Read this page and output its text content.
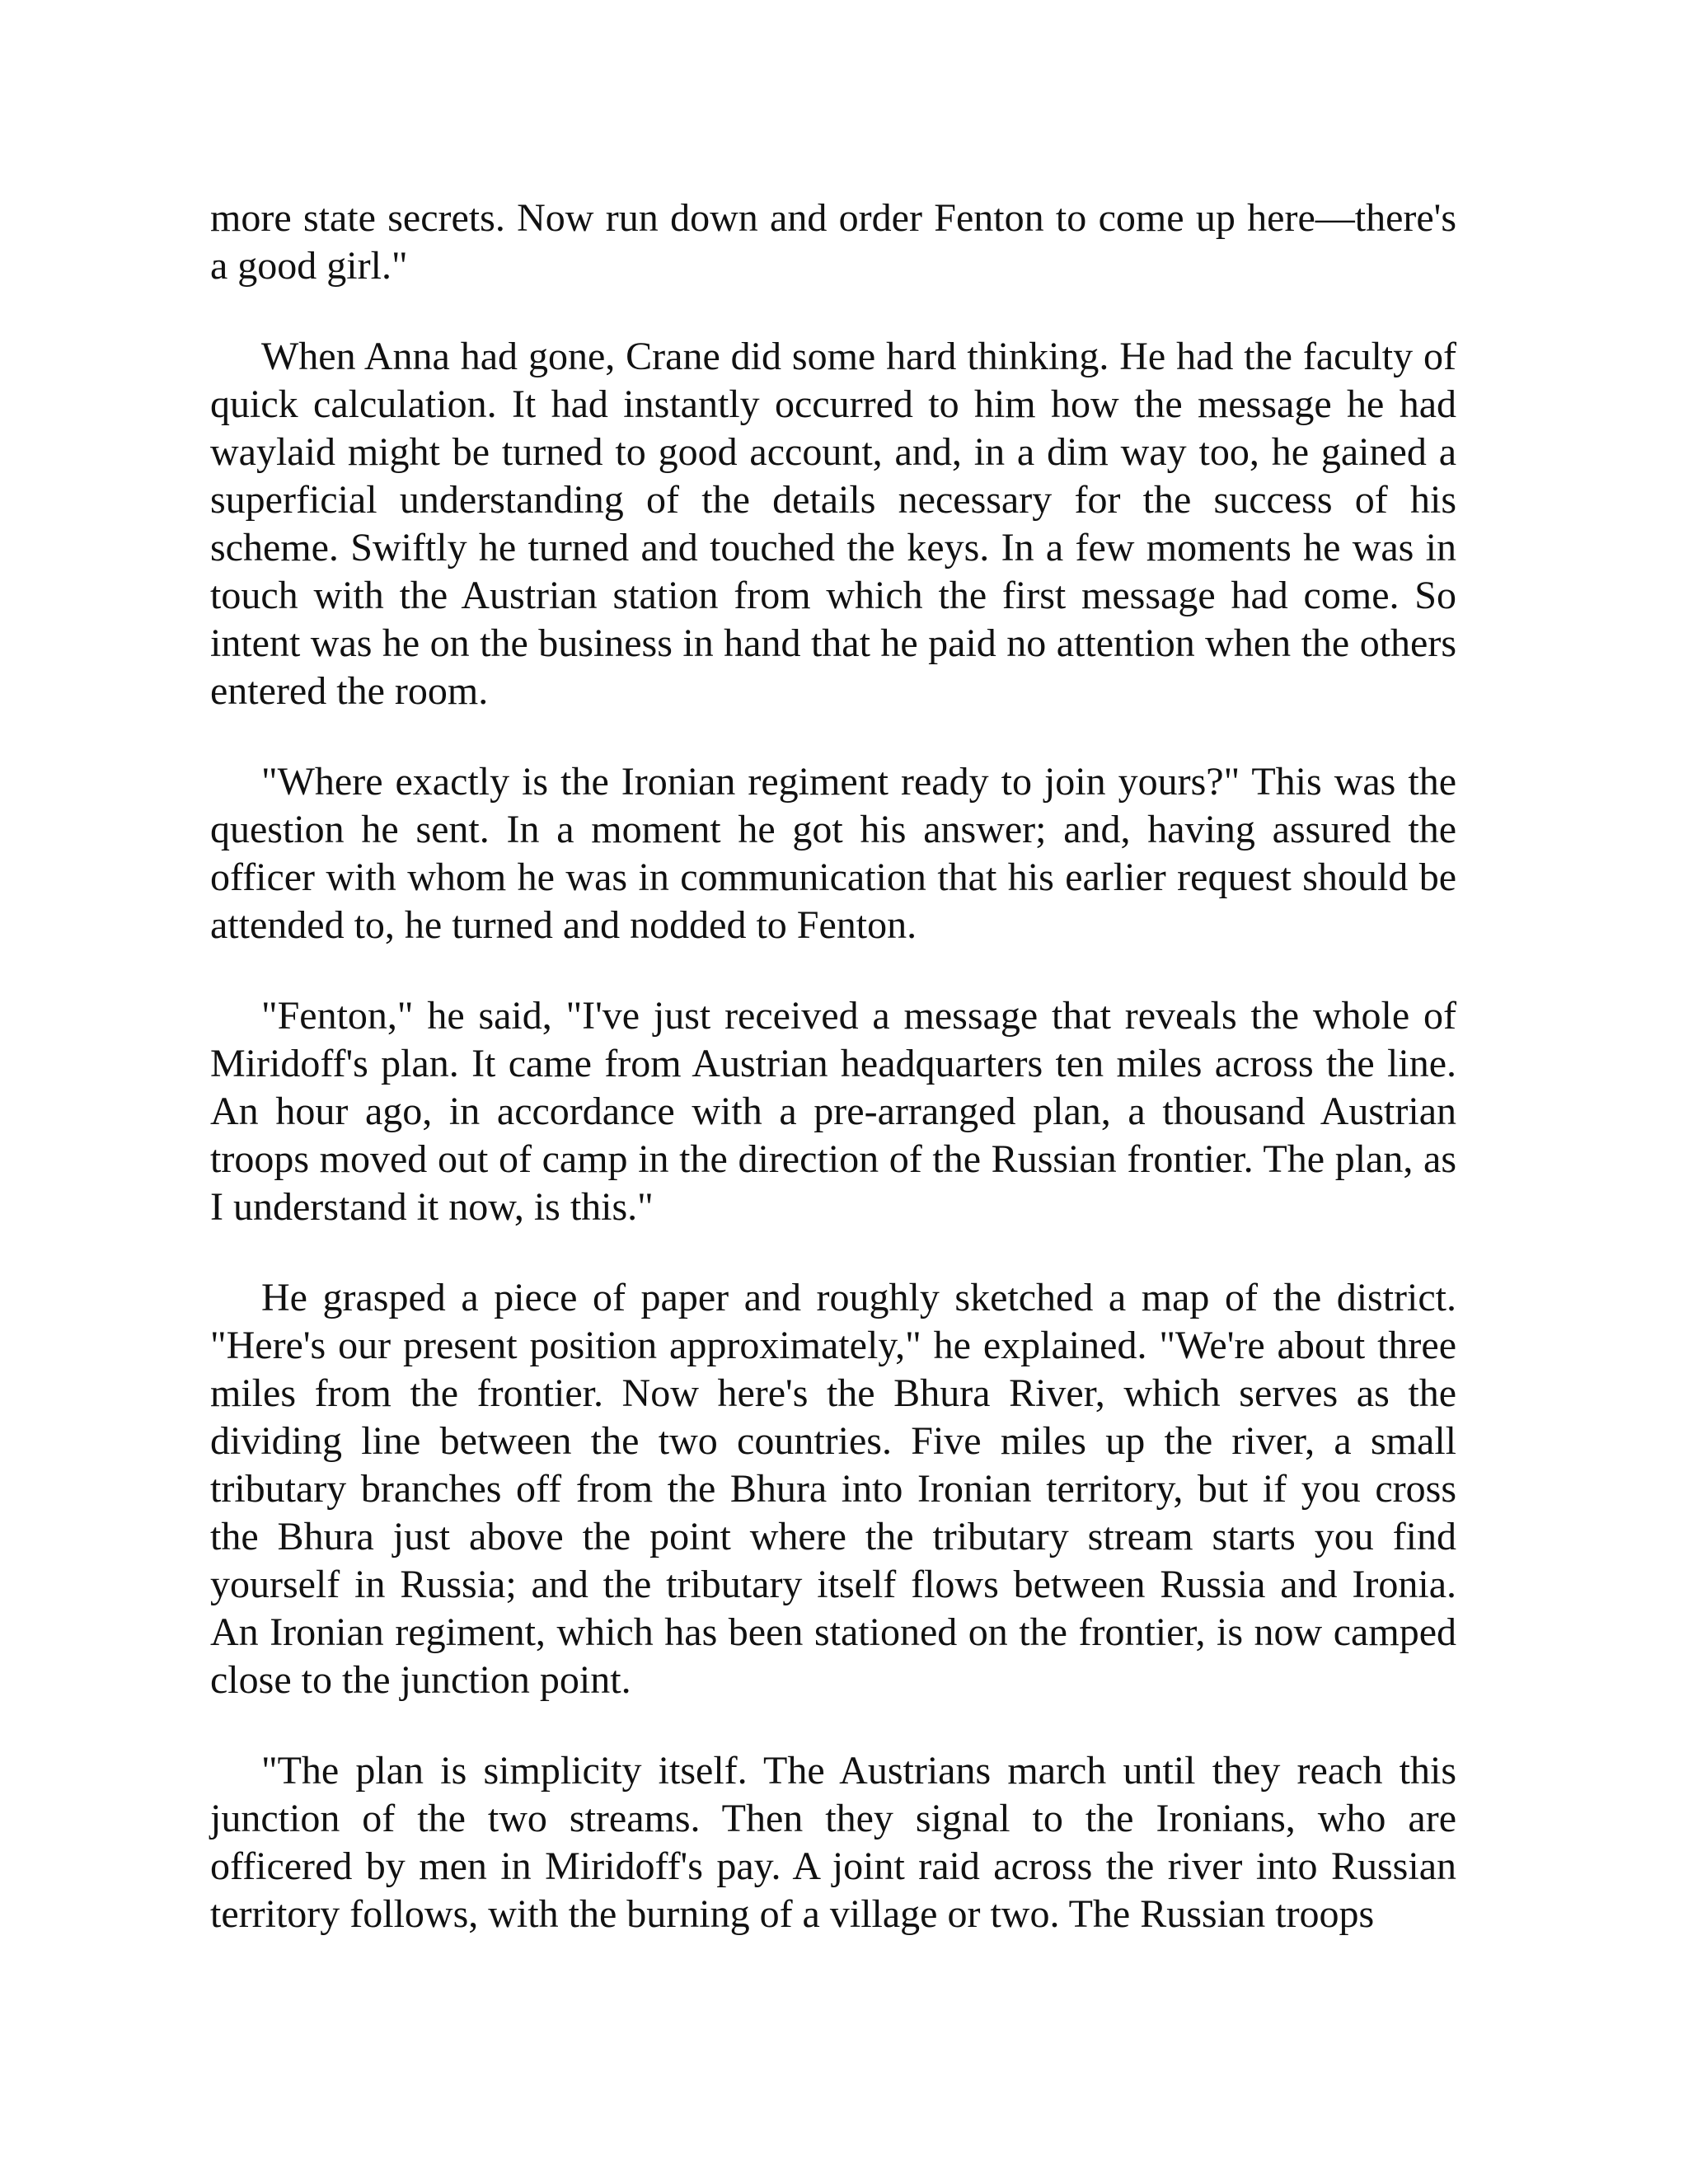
more state secrets. Now run down and order Fenton to come up here—there's a good girl."

When Anna had gone, Crane did some hard thinking. He had the faculty of quick calculation. It had instantly occurred to him how the message he had waylaid might be turned to good account, and, in a dim way too, he gained a superficial understanding of the details necessary for the success of his scheme. Swiftly he turned and touched the keys. In a few moments he was in touch with the Austrian station from which the first message had come. So intent was he on the business in hand that he paid no attention when the others entered the room.

"Where exactly is the Ironian regiment ready to join yours?" This was the question he sent. In a moment he got his answer; and, having assured the officer with whom he was in communication that his earlier request should be attended to, he turned and nodded to Fenton.

"Fenton," he said, "I've just received a message that reveals the whole of Miridoff's plan. It came from Austrian headquarters ten miles across the line. An hour ago, in accordance with a pre-arranged plan, a thousand Austrian troops moved out of camp in the direction of the Russian frontier. The plan, as I understand it now, is this."

He grasped a piece of paper and roughly sketched a map of the district. "Here's our present position approximately," he explained. "We're about three miles from the frontier. Now here's the Bhura River, which serves as the dividing line between the two countries. Five miles up the river, a small tributary branches off from the Bhura into Ironian territory, but if you cross the Bhura just above the point where the tributary stream starts you find yourself in Russia; and the tributary itself flows between Russia and Ironia. An Ironian regiment, which has been stationed on the frontier, is now camped close to the junction point.

"The plan is simplicity itself. The Austrians march until they reach this junction of the two streams. Then they signal to the Ironians, who are officered by men in Miridoff's pay. A joint raid across the river into Russian territory follows, with the burning of a village or two. The Russian troops
